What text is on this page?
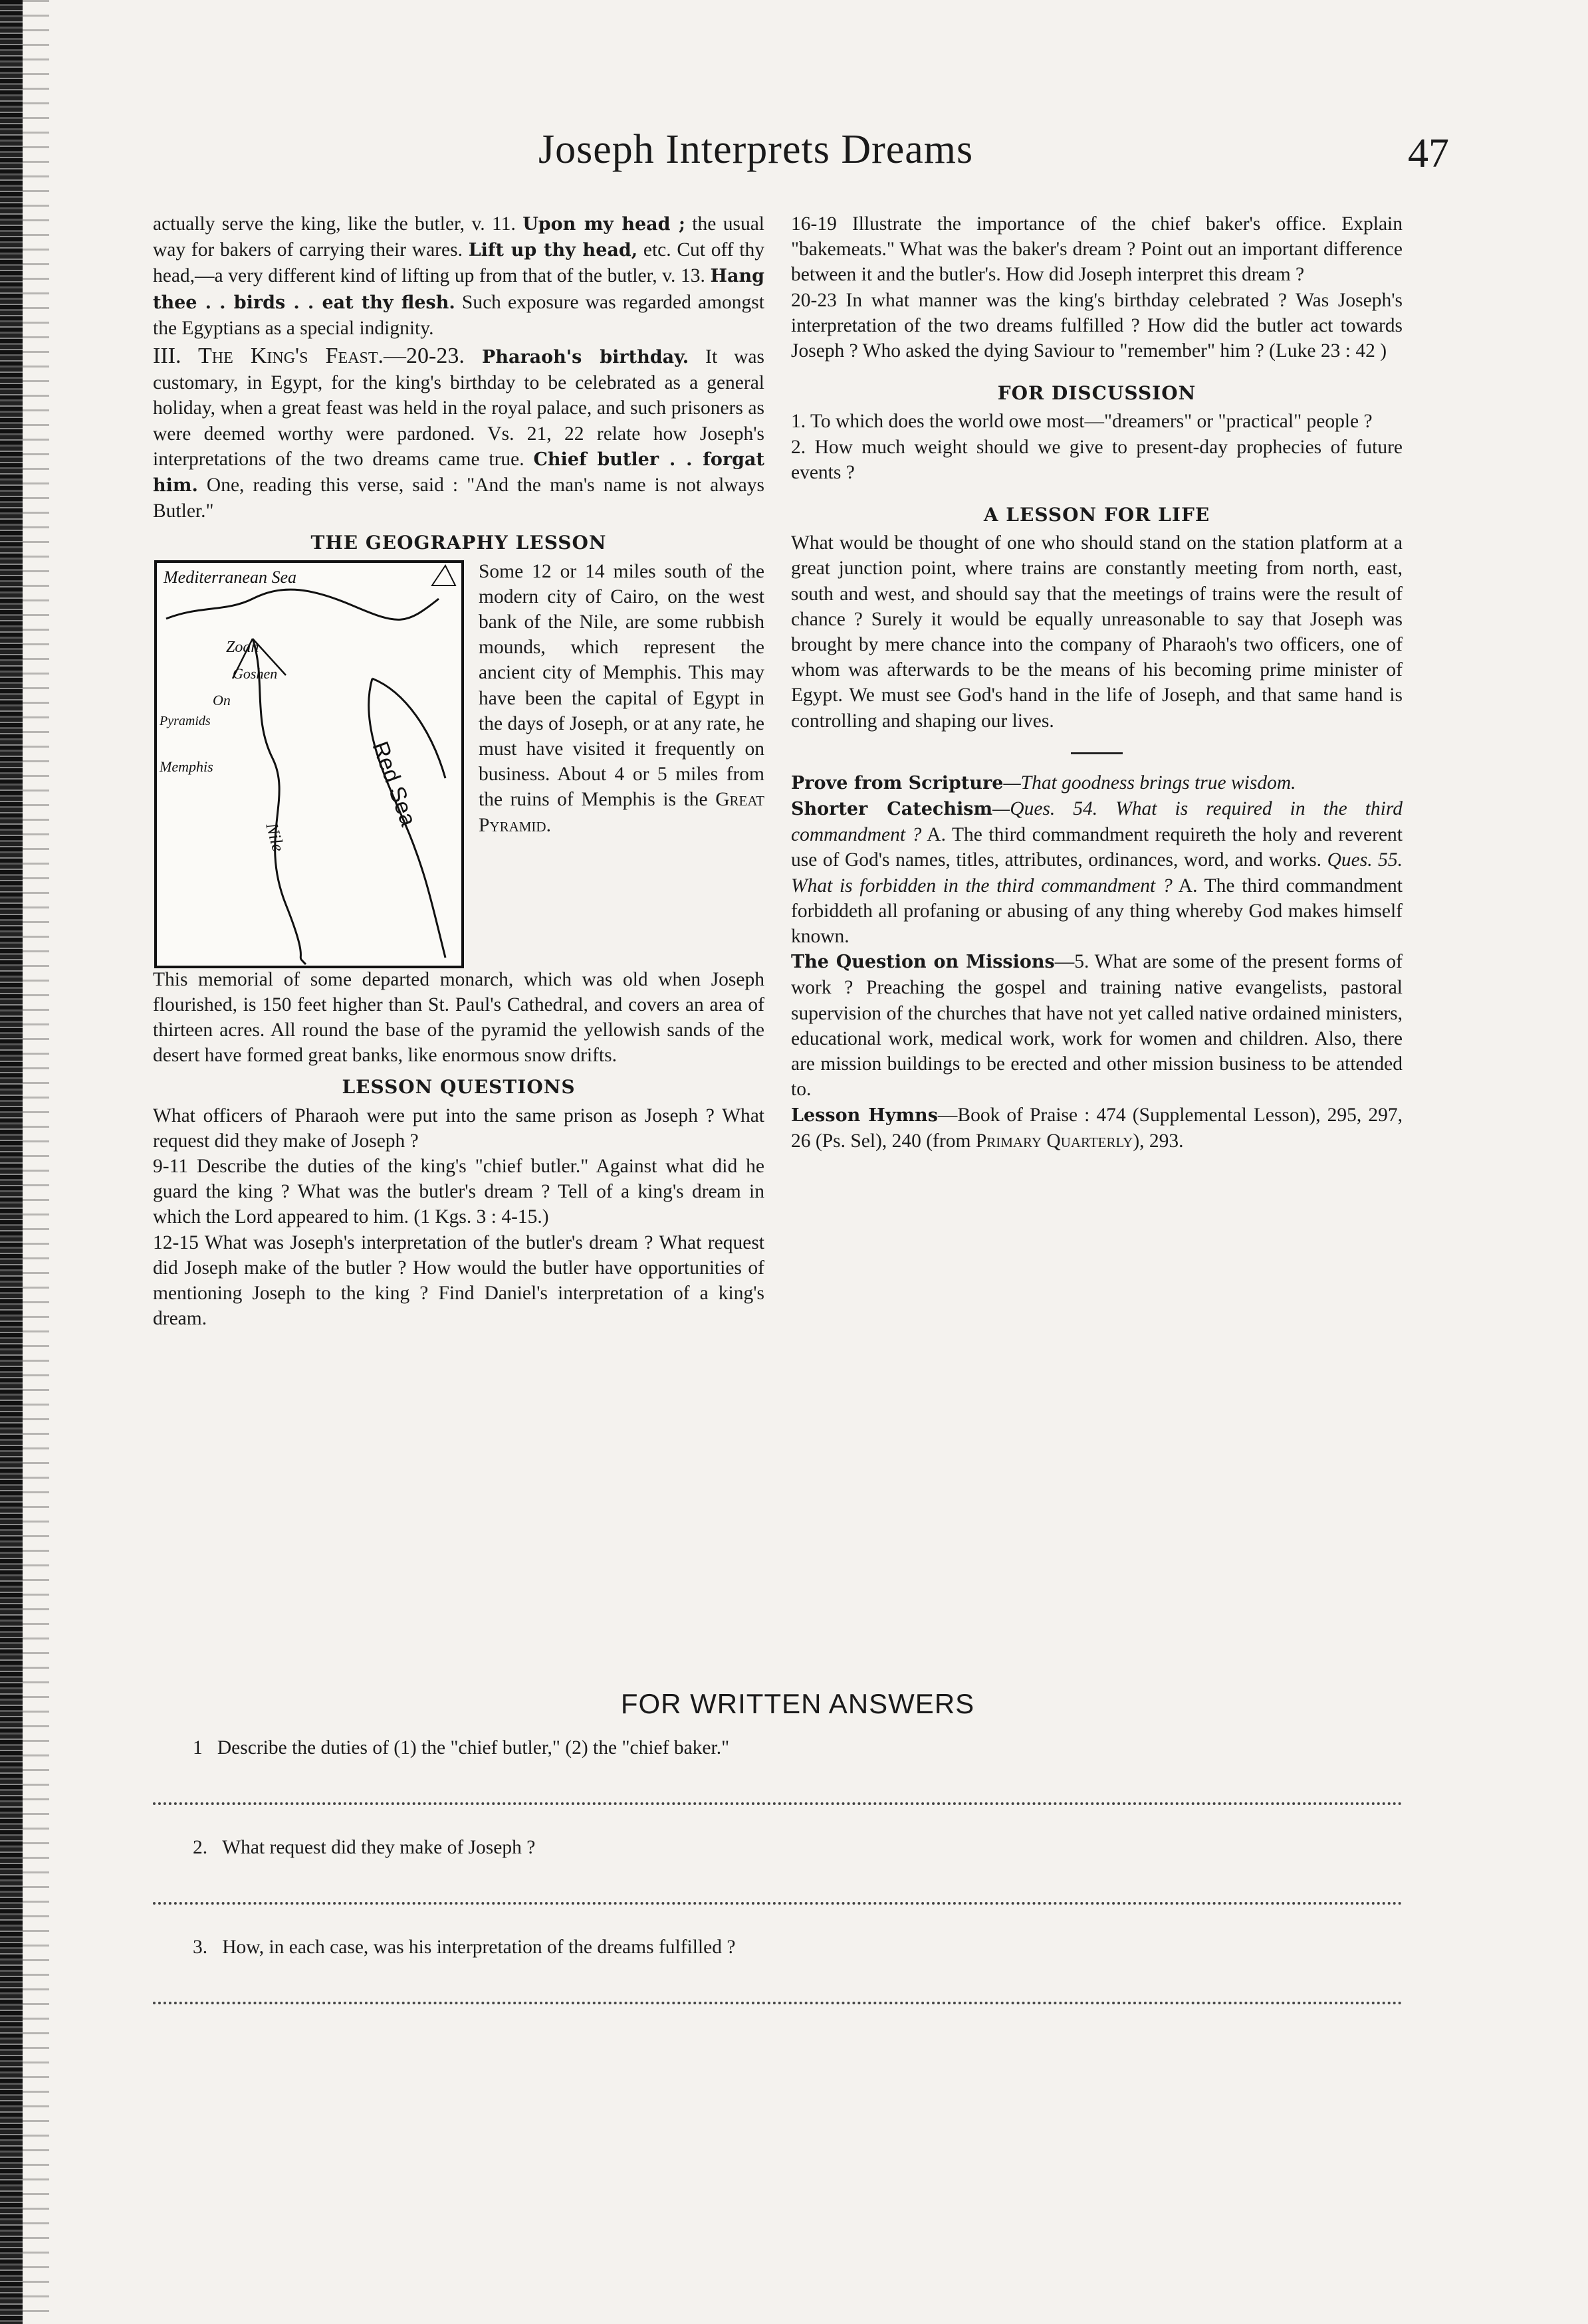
Joseph Interprets Dreams	47

actually serve the king, like the butler, v. 11. Upon my head ; the usual way for bakers of carrying their wares. Lift up thy head, etc. Cut off thy head,—a very different kind of lifting up from that of the butler, v. 13. Hang thee . . birds . . eat thy flesh. Such exposure was regarded amongst the Egyptians as a special indignity.

III. The King's Feast.—20-23. Pharaoh's birthday. It was customary, in Egypt, for the king's birthday to be celebrated as a general holiday, when a great feast was held in the royal palace, and such prisoners as were deemed worthy were pardoned. Vs. 21, 22 relate how Joseph's interpretations of the two dreams came true. Chief butler . . forgat him. One, reading this verse, said : "And the man's name is not always Butler."

THE GEOGRAPHY LESSON
Mediterranean Sea
Zoan
Goshen
On
Pyramids
Memphis
Nile
Red Sea
Some 12 or 14 miles south of the modern city of Cairo, on the west bank of the Nile, are some rubbish mounds, which represent the ancient city of Memphis. This may have been the capital of Egypt in the days of Joseph, or at any rate, he must have visited it frequently on business. About 4 or 5 miles from the ruins of Memphis is the Great Pyramid.

This memorial of some departed monarch, which was old when Joseph flourished, is 150 feet higher than St. Paul's Cathedral, and covers an area of thirteen acres. All round the base of the pyramid the yellowish sands of the desert have formed great banks, like enormous snow drifts.

LESSON QUESTIONS

What officers of Pharaoh were put into the same prison as Joseph ? What request did they make of Joseph ?

9-11 Describe the duties of the king's "chief butler." Against what did he guard the king ? What was the butler's dream ? Tell of a king's dream in which the Lord appeared to him. (1 Kgs. 3 : 4-15.)

12-15 What was Joseph's interpretation of the butler's dream ? What request did Joseph make of the butler ? How would the butler have opportunities of mentioning Joseph to the king ? Find Daniel's interpretation of a king's dream.

16-19 Illustrate the importance of the chief baker's office. Explain "bakemeats." What was the baker's dream ? Point out an important difference between it and the butler's. How did Joseph interpret this dream ?

20-23 In what manner was the king's birthday celebrated ? Was Joseph's interpretation of the two dreams fulfilled ? How did the butler act towards Joseph ? Who asked the dying Saviour to "remember" him ? (Luke 23 : 42 )

FOR DISCUSSION

1. To which does the world owe most—"dreamers" or "practical" people ?

2. How much weight should we give to present-day prophecies of future events ?

A LESSON FOR LIFE

What would be thought of one who should stand on the station platform at a great junction point, where trains are constantly meeting from north, east, south and west, and should say that the meetings of trains were the result of chance ? Surely it would be equally unreasonable to say that Joseph was brought by mere chance into the company of Pharaoh's two officers, one of whom was afterwards to be the means of his becoming prime minister of Egypt. We must see God's hand in the life of Joseph, and that same hand is controlling and shaping our lives.

Prove from Scripture—That goodness brings true wisdom.

Shorter Catechism—Ques. 54. What is required in the third commandment ? A. The third commandment requireth the holy and reverent use of God's names, titles, attributes, ordinances, word, and works. Ques. 55. What is forbidden in the third commandment ? A. The third commandment forbiddeth all profaning or abusing of any thing whereby God makes himself known.

The Question on Missions—5. What are some of the present forms of work ? Preaching the gospel and training native evangelists, pastoral supervision of the churches that have not yet called native ordained ministers, educational work, medical work, work for women and children. Also, there are mission buildings to be erected and other mission business to be attended to.

Lesson Hymns—Book of Praise : 474 (Supplemental Lesson), 295, 297, 26 (Ps. Sel), 240 (from Primary Quarterly), 293.

FOR WRITTEN ANSWERS
1 Describe the duties of (1) the "chief butler," (2) the "chief baker."
2. What request did they make of Joseph ?
3. How, in each case, was his interpretation of the dreams fulfilled ?
